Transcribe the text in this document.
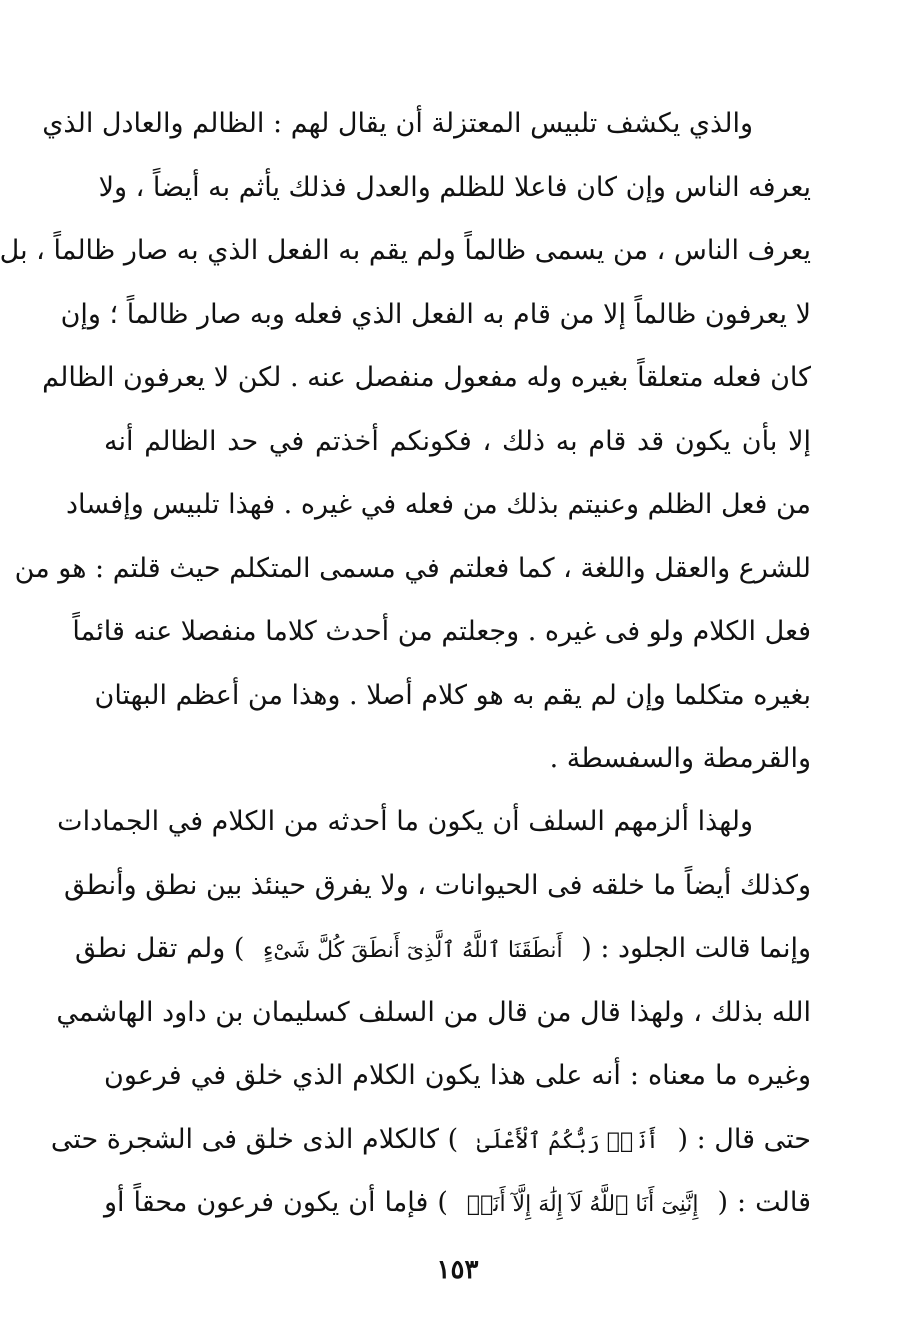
والذي يكشف تلبيس المعتزلة أن يقال لهم : الظالم والعادل الذي
يعرفه الناس وإن كان فاعلا للظلم والعدل فذلك يأثم به أيضاً ، ولا
يعرف الناس ، من يسمى ظالماً ولم يقم به الفعل الذي به صار ظالماً ، بل
لا يعرفون ظالماً إلا من قام به الفعل الذي فعله وبه صار ظالماً ؛ وإن
كان فعله متعلقاً بغيره وله مفعول منفصل عنه . لكن لا يعرفون الظالم
إلا بأن يكون قد قام به ذلك ، فكونكم أخذتم في حد الظالم أنه
من فعل الظلم وعنيتم بذلك من فعله في غيره . فهذا تلبيس وإفساد
للشرع والعقل واللغة ، كما فعلتم في مسمى المتكلم حيث قلتم : هو من
فعل الكلام ولو فى غيره . وجعلتم من أحدث كلاما منفصلا عنه قائماً
بغيره متكلما وإن لم يقم به هو كلام أصلا . وهذا من أعظم البهتان
والقرمطة والسفسطة .
ولهذا ألزمهم السلف أن يكون ما أحدثه من الكلام في الجمادات
وكذلك أيضاً ما خلقه فى الحيوانات ، ولا يفرق حينئذ بين نطق وأنطق
وإنما قالت الجلود : ( أَنطَقَنَا ٱللَّهُ ٱلَّذِىٓ أَنطَقَ كُلَّ شَىْءٍ ) ولم تقل نطق
الله بذلك ، ولهذا قال من قال من السلف كسليمان بن داود الهاشمي
وغيره ما معناه : أنه على هذا يكون الكلام الذي خلق في فرعون
حتى قال : ( أَنَا۠ رَبُّكُمُ ٱلْأَعْلَىٰ ) كالكلام الذى خلق فى الشجرة حتى
قالت : ( إِنَّنِىٓ أَنَا ٱللَّهُ لَآ إِلَٰهَ إِلَّآ أَنَا۠ ) فإما أن يكون فرعون محقاً أو
١٥٣
